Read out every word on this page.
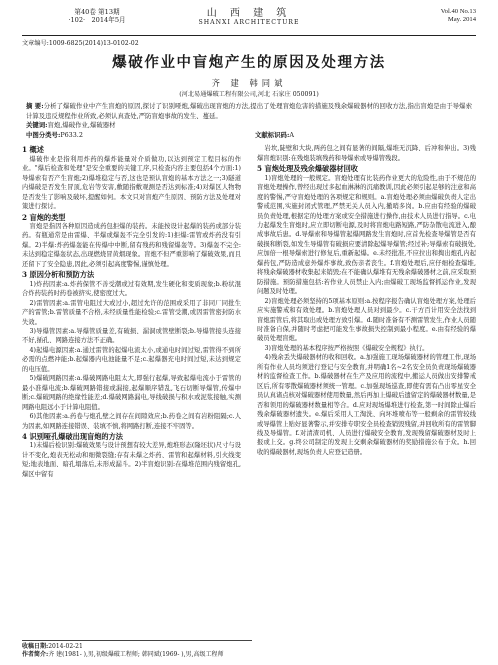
第40卷 第13期
·102· 2014年5月
山 西 建 筑
SHANXI ARCHITECTURE
Vol.40 No.13
May. 2014
文章编号:1009-6825(2014)13-0102-02
爆破作业中盲炮产生的原因及处理方法
齐 建 韩同斌
(河北易通爆破工程有限公司,河北 石家庄 050091)
摘 要:分析了爆破作业中产生盲炮的原因,探讨了识别哑炮,爆破出现盲炮的方法,提出了处理盲炮危害的措施及残余爆破器材的回收方法,指出盲炮是由于导爆索计算及违反规程作业所致,必须认真查处,严防盲炮事故的发生、蔓延。
关键词:盲炮,爆破作业,爆破器材
中图分类号:P633.2	文献标识码:A
1 概述

爆破作业是指利用炸药的爆炸能量对介质做功,以达到预定工程目标的作业。"爆后检查和处理"是安全重要的关键工序,只检查内容主要包括4个方面:1)导爆索有否产生盲炮;2)爆堆稳定与否,这也是预认盲炮的基本方法之一;3)隧道内爆破是否发生冒顶,危岩等安害,敷随指敷观测是否达到标准;4)对爆区人物物是否发生了影响及破坏,提醒如何。本文只对盲炮产生原因、预防方法及处理对策进行探讨。

2 盲炮的类型

盲炮是指因各种原因造成药包拒爆的装药。未能按设计起爆的装药或部分装药。有瓶通常是由雷爆、半爆或爆轰不完全引发的:1)拒爆:雷管或炸药没有引爆。2)半爆:炸药爆轰能在传爆中中断,留有残药和残留爆轰等。3)爆轰不完全:未达到稳定爆轰状态,出现燃烧冒黄烟现象。盲炮不但严重影响了爆破效果,而且还留下了安全隐患,因此,必须引起高度警惕,谨慎处理。

3 原因分析和预防方法

1)炸药因素:a.炸药保管不善受潮或过有效期,发生硬化和变质现象;b.粉状混合炸药装药时药卷被挤实,使密度过大。

2)雷管因素:a.雷管电阻过大或过小,超过允许的范围或采用了非同厂同批生产的雷管;b.雷管质量不合格,未经质量性能检验;c.雷管受潮,或因雷管密封防水失效。

3)导爆管因素:a.导爆管质量差,有破损、漏洞或管壁断裂;b.导爆管接头连接不好,插孔、网路连接方法不正确。

4)起爆电源因素:a.通过雷管的起爆电流太小,或通电时间过短,雷管得不到所必需的点燃冲能;b.起爆器内电池能量不足;c.起爆器充电时间过短,未达到规定的电压值。

5)爆破网路因素:a.爆破网路电阻太大,即强行起爆,导致起爆电流小于雷管的最小准爆电流;b.爆破网路错接或漏接,起爆顺序错乱,飞石切断导爆管,传爆中断;c.爆破网路的绝缘性能差;d.爆破网路漏电,导线破损与积水或泥浆接触,实测网路电阻远小于计算电阻值。

6)其他因素:a.药卷与炮孔壁之间存在间隙效应;b.药卷之间有岩粉阻隔;c.人为因素,如网路连接错误、装填不慎,将网路打断,连接不牢固等。

4 识别哑孔爆破出现盲炮的方法

1)末爆后检识别:爆破效果与设计预想有较大差异,炮堆形态(隆坯状)尺寸与设计不变化,炮表无松动和细微裂缝;存有未爆之炸药、雷管和起爆材料,引火线变短;地表地面、暗孔塌落后,未形成漏斗。2)半盲炮识别:在爆堆范围内残留炮孔,爆区中留有

岩坎,陡壁和大块,两药包之间有显著的间隔,爆堆无沉降、后冲和伸出。3)残爆盲炮识别:在残炮装填残药和导爆索或导爆管残段。

5 盲炮处理及残余爆破器材回收

1)盲炮处理的一般规定。盲炮处理有比装药作业更大的危险性,由于不规范的盲炮处理操作,曾经出现过多起血淋淋的沉痛教训,因此必须引起足够的注意和高度的警惕,严守盲炮处理的各项规定和规则。a.盲炮处理必须由爆破负责人定出警戒范围,实施封闭式管理,严禁无关人员入内,撤哨多岗。b.应由有经验的爆破员负责处理,根据定的处理方案或安全措施进行操作,由技术人员进行指导。c.电力起爆发生盲炮时,应立即切断电源,及时将盲炮电路短路,严防杂散电流进入,酿成事故后患。d.导爆索和导爆管起爆网路发生盲炮时,应首先检查导爆管是否有破损和断裂,如发生导爆管有破损应要清除起爆导爆管;经过补;导爆索有破损处,应加倍一根导爆索进行修复后,重新起爆。e.未经批准,不应拉出和掏出炮孔内起爆药包,严防造成意外爆炸事故,致伤亲者丧生。f.盲炮处理后,应仔细检查爆堆,将残余爆破器材收集起来销毁;在不能确认爆堆有无残余爆破器材之前,应采取预防措施。预防措施包括:若作业人员禁止入内;由爆破工现场监督抓运作业,发现问题及时处理。

2)盲炮处理必须坚持的5项基本原则:a.按程序报告确认盲炮处理方案,处理后应实施警戒和有效处理。b.盲炮处理人员对到最少。c.干方百计用安全法找到盲炮雷管后,将其取出或处理方致引爆。d.随时准备有不测雷管发生,作业人员随时准备自保,并随时考虑把可能发生事故损失控制到最小程度。e.由有经验的爆破员处理盲炮。

3)盲炮处理的基本程序按严格按照《爆破安全规程》执行。

4)残余丢失爆破器材的收和回收。a.加强施工现场爆破器材的管理工作,现场所有作业人员均须进行登记与安全教育,并明确1名~2名安全员负责现场爆破器材的监督检查工作。b.爆破器材在生产及应用的流程中,搬运人员做出安排警戒区后,所有零散爆破器材须统一管理。c.加强现场巡查,即使有需有凸出零星安全员认真诸点核对爆破器材使用数量,然后再加上爆破后遗留定的爆破器材数量,是否和领用的爆破器材数量相等合。d.应对现场爆堆进行检查,第一时间除止爆后残余爆破器材遗失。e.爆后采用人工淘洗、向坏堆喷布等一般剩余的雷管较线或导爆管上贴好显著警示,并安排专职安全员检查销毁残留,并回收所有的雷管脚线及导爆管。f.对清渣司机、人员进行爆破安全教育,发现残留爆破器材及时上报或上交。g.终公司制定的发现上交剩余爆破器材的奖励措施公布于众。h.回收的爆破器材,现场负责人应登记造册。

收稿日期:2014-02-21
作者简介:齐 建(1981- ),男,初级爆破工程师; 韩同斌(1969- ),男,高级工程师
